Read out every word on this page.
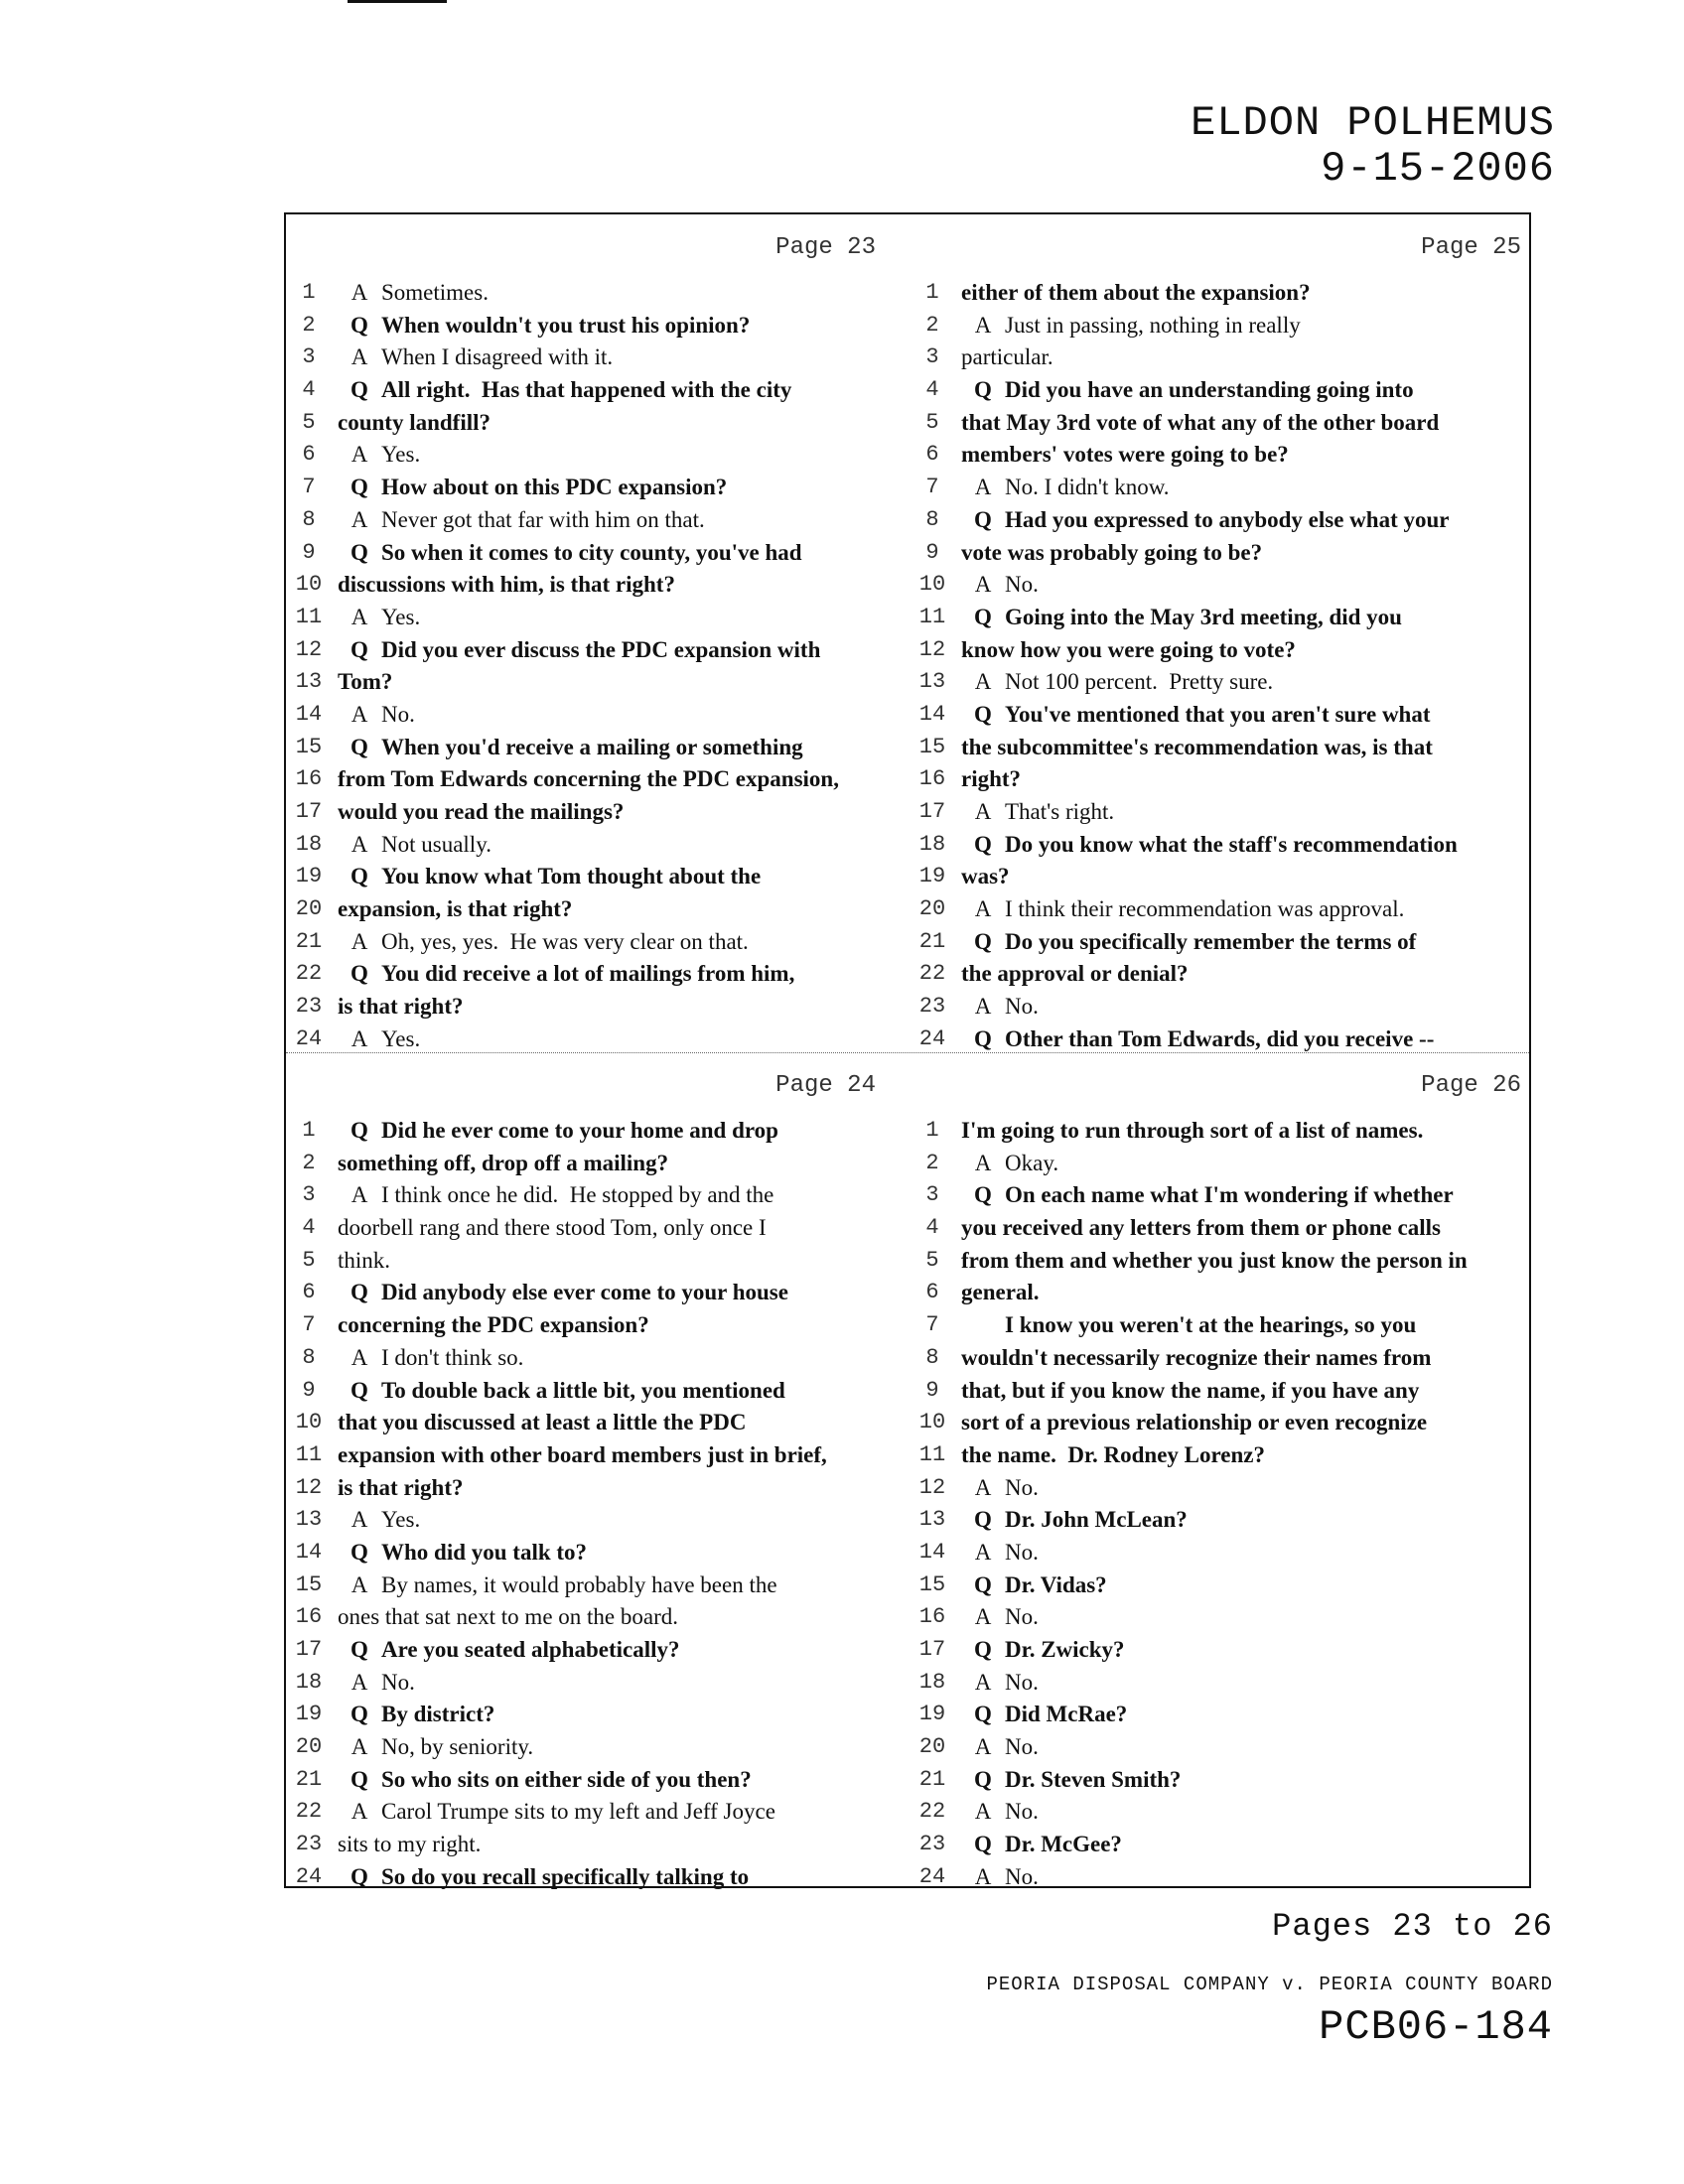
ELDON POLHEMUS
9-15-2006
Page 23
1	A Sometimes.
2	Q When wouldn't you trust his opinion?
3	A When I disagreed with it.
4	Q All right.  Has that happened with the city
5 county landfill?
6	A Yes.
7	Q How about on this PDC expansion?
8	A Never got that far with him on that.
9	Q So when it comes to city county, you've had
10 discussions with him, is that right?
11	A Yes.
12	Q Did you ever discuss the PDC expansion with
13 Tom?
14	A No.
15	Q When you'd receive a mailing or something
16 from Tom Edwards concerning the PDC expansion,
17 would you read the mailings?
18	A Not usually.
19	Q You know what Tom thought about the
20 expansion, is that right?
21	A Oh, yes, yes.  He was very clear on that.
22	Q You did receive a lot of mailings from him,
23 is that right?
24	A Yes.
Page 25
1 either of them about the expansion?
2	A Just in passing, nothing in really
3 particular.
4	Q Did you have an understanding going into
5 that May 3rd vote of what any of the other board
6 members' votes were going to be?
7	A No. I didn't know.
8	Q Had you expressed to anybody else what your
9 vote was probably going to be?
10	A No.
11	Q Going into the May 3rd meeting, did you
12 know how you were going to vote?
13	A Not 100 percent.  Pretty sure.
14	Q You've mentioned that you aren't sure what
15 the subcommittee's recommendation was, is that
16 right?
17	A That's right.
18	Q Do you know what the staff's recommendation
19 was?
20	A I think their recommendation was approval.
21	Q Do you specifically remember the terms of
22 the approval or denial?
23	A No.
24	Q Other than Tom Edwards, did you receive --
Page 24
1	Q Did he ever come to your home and drop
2 something off, drop off a mailing?
3	A I think once he did.  He stopped by and the
4 doorbell rang and there stood Tom, only once I
5 think.
6	Q Did anybody else ever come to your house
7 concerning the PDC expansion?
8	A I don't think so.
9	Q To double back a little bit, you mentioned
10 that you discussed at least a little the PDC
11 expansion with other board members just in brief,
12 is that right?
13	A Yes.
14	Q Who did you talk to?
15	A By names, it would probably have been the
16 ones that sat next to me on the board.
17	Q Are you seated alphabetically?
18	A No.
19	Q By district?
20	A No, by seniority.
21	Q So who sits on either side of you then?
22	A Carol Trumpe sits to my left and Jeff Joyce
23 sits to my right.
24	Q So do you recall specifically talking to
Page 26
1 I'm going to run through sort of a list of names.
2	A Okay.
3	Q On each name what I'm wondering if whether
4 you received any letters from them or phone calls
5 from them and whether you just know the person in
6 general.
7	I know you weren't at the hearings, so you
8 wouldn't necessarily recognize their names from
9 that, but if you know the name, if you have any
10 sort of a previous relationship or even recognize
11 the name.  Dr. Rodney Lorenz?
12	A No.
13	Q Dr. John McLean?
14	A No.
15	Q Dr. Vidas?
16	A No.
17	Q Dr. Zwicky?
18	A No.
19	Q Did McRae?
20	A No.
21	Q Dr. Steven Smith?
22	A No.
23	Q Dr. McGee?
24	A No.
Pages 23 to 26
PEORIA DISPOSAL COMPANY v. PEORIA COUNTY BOARD
PCB06-184
